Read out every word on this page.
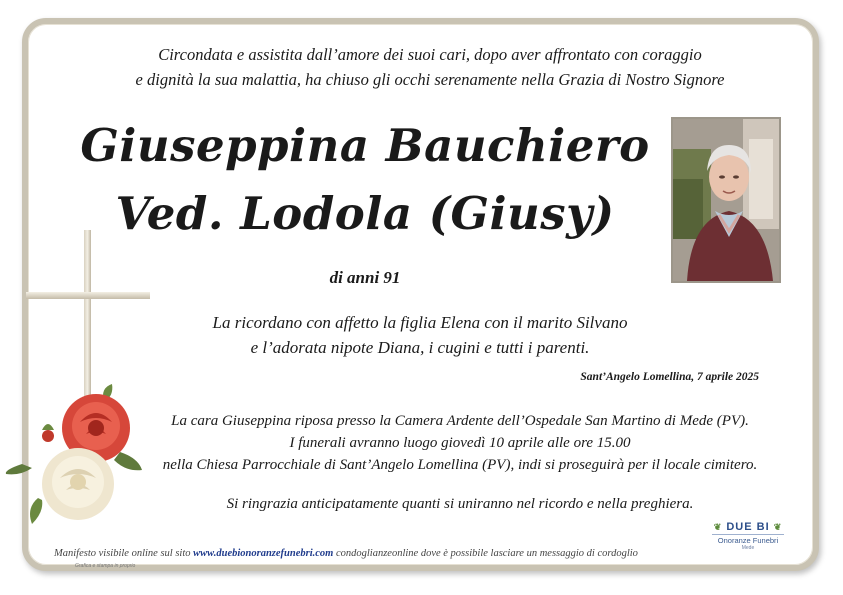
Circondata e assistita dall’amore dei suoi cari, dopo aver affrontato con coraggio
e dignità la sua malattia, ha chiuso gli occhi serenamente nella Grazia di Nostro Signore
Giuseppina Bauchiero
Ved. Lodola (Giusy)
di anni 91
La ricordano con affetto la figlia Elena con il marito Silvano
e l’adorata nipote Diana, i cugini e tutti i parenti.
Sant’Angelo Lomellina, 7 aprile 2025
La cara Giuseppina riposa presso la Camera Ardente dell’Ospedale San Martino di Mede (PV).
I funerali avranno luogo giovedì 10 aprile alle ore 15.00
nella Chiesa Parrocchiale di Sant’Angelo Lomellina (PV), indi si proseguirà per il locale cimitero.
Si ringrazia anticipatamente quanti si uniranno nel ricordo e nella preghiera.
Manifesto visibile online sul sito www.duebionoranzefunebri.com condoglianzeonline dove è possibile lasciare un messaggio di cordoglio
Grafica e stampa in proprio
❦ DUE BI ❦
Onoranze Funebri
Mede
